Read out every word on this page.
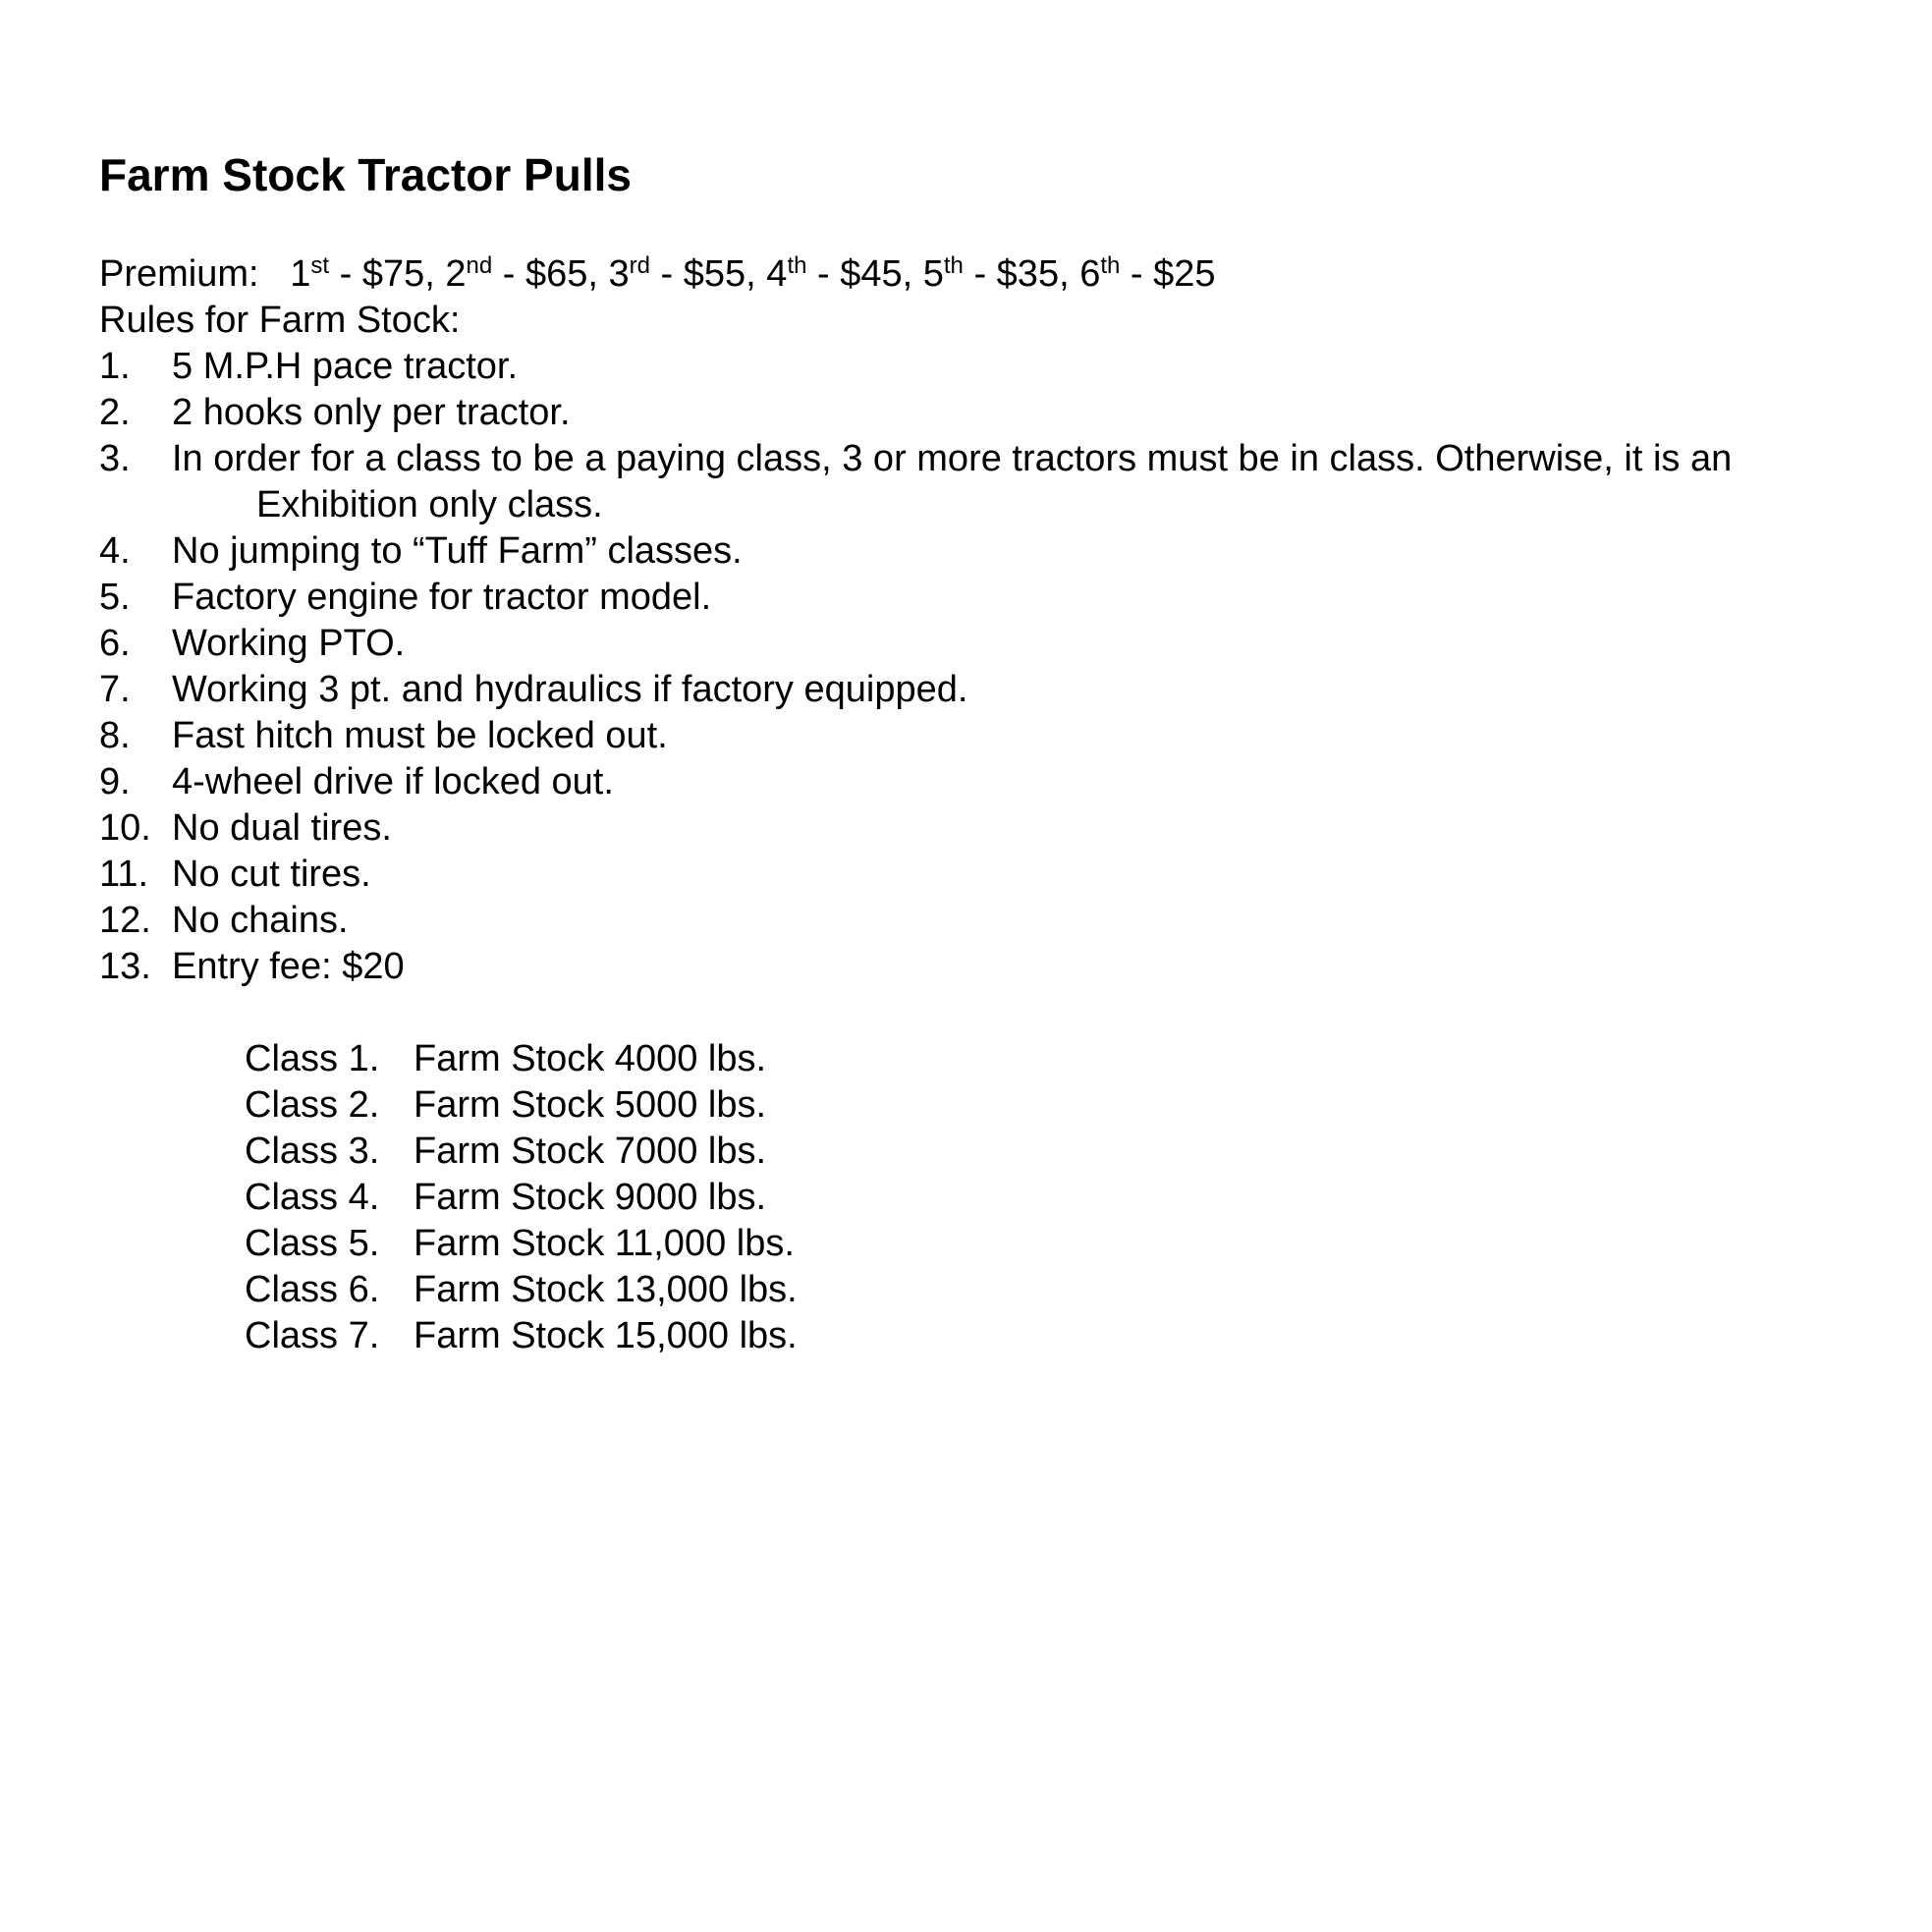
Farm Stock Tractor Pulls
Premium: 1st - $75, 2nd - $65, 3rd - $55, 4th - $45, 5th - $35, 6th - $25
Rules for Farm Stock:
1. 5 M.P.H pace tractor.
2. 2 hooks only per tractor.
3. In order for a class to be a paying class, 3 or more tractors must be in class. Otherwise, it is an
Exhibition only class.
4. No jumping to “Tuff Farm” classes.
5. Factory engine for tractor model.
6. Working PTO.
7. Working 3 pt. and hydraulics if factory equipped.
8. Fast hitch must be locked out.
9. 4-wheel drive if locked out.
10. No dual tires.
11. No cut tires.
12. No chains.
13. Entry fee: $20
Class 1. Farm Stock 4000 lbs.
Class 2. Farm Stock 5000 lbs.
Class 3. Farm Stock 7000 lbs.
Class 4. Farm Stock 9000 lbs.
Class 5. Farm Stock 11,000 lbs.
Class 6. Farm Stock 13,000 lbs.
Class 7. Farm Stock 15,000 lbs.
